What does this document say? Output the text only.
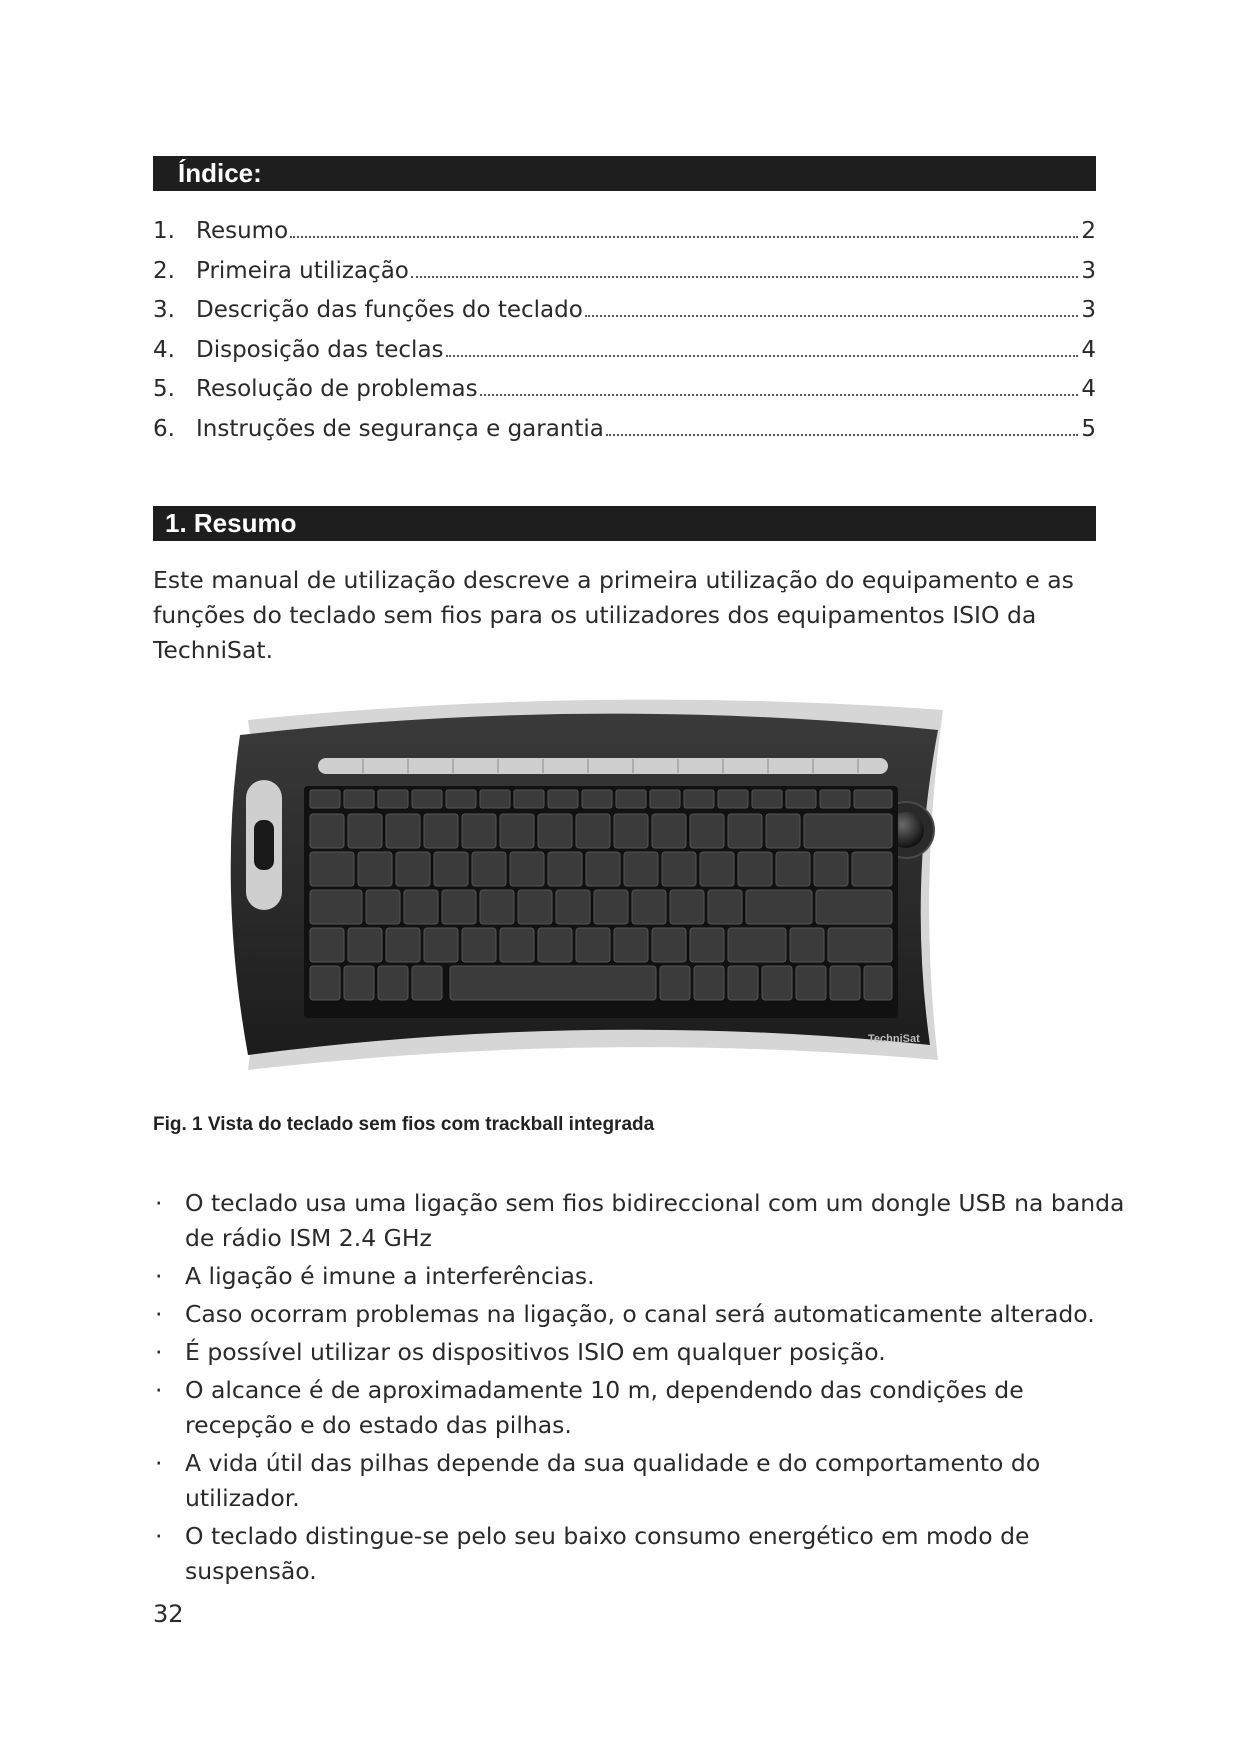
Índice:
1. Resumo	2
2. Primeira utilização	3
3. Descrição das funções do teclado	3
4. Disposição das teclas	4
5. Resolução de problemas	4
6. Instruções de segurança e garantia	5
1. Resumo

Este manual de utilização descreve a primeira utilização do equipamento e as funções do teclado sem fios para os utilizadores dos equipamentos ISIO da TechniSat.

TechniSat
Fig. 1 Vista do teclado sem fios com trackball integrada
· O teclado usa uma ligação sem fios bidireccional com um dongle USB na banda de rádio ISM 2.4 GHz
· A ligação é imune a interferências.
· Caso ocorram problemas na ligação, o canal será automaticamente alterado.
· É possível utilizar os dispositivos ISIO em qualquer posição.
· O alcance é de aproximadamente 10 m, dependendo das condições de recepção e do estado das pilhas.
· A vida útil das pilhas depende da sua qualidade e do comportamento do utilizador.
· O teclado distingue-se pelo seu baixo consumo energético em modo de suspensão.
32
